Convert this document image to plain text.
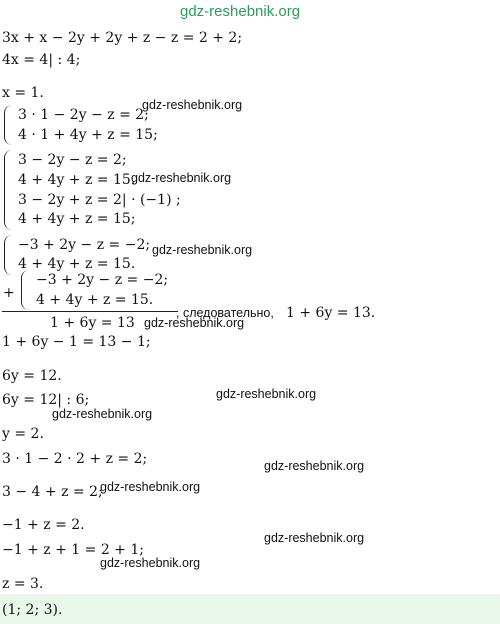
gdz-reshebnik.org
3x + x − 2y + 2y + z − z = 2 + 2;
4x = 4| : 4;
x = 1.
3 · 1 − 2y − z = 2;
4 · 1 + 4y + z = 15;
gdz-reshebnik.org
3 − 2y − z = 2;
4 + 4y + z = 15.
3 − 2y + z = 2| · (−1) ;
4 + 4y + z = 15;
gdz-reshebnik.org
−3 + 2y − z = −2;
4 + 4y + z = 15.
gdz-reshebnik.org
+
−3 + 2y − z = −2;
4 + 4y + z = 15.
1 + 6y = 13
, следовательно, 1 + 6y = 13.
gdz-reshebnik.org
1 + 6y − 1 = 13 − 1;
6y = 12.
6y = 12| : 6;	gdz-reshebnik.org
gdz-reshebnik.org
y = 2.
3 · 1 − 2 · 2 + z = 2;	gdz-reshebnik.org
3 − 4 + z = 2;
gdz-reshebnik.org
−1 + z = 2.
−1 + z + 1 = 2 + 1;
gdz-reshebnik.org
gdz-reshebnik.org
z = 3.
(1; 2; 3).
